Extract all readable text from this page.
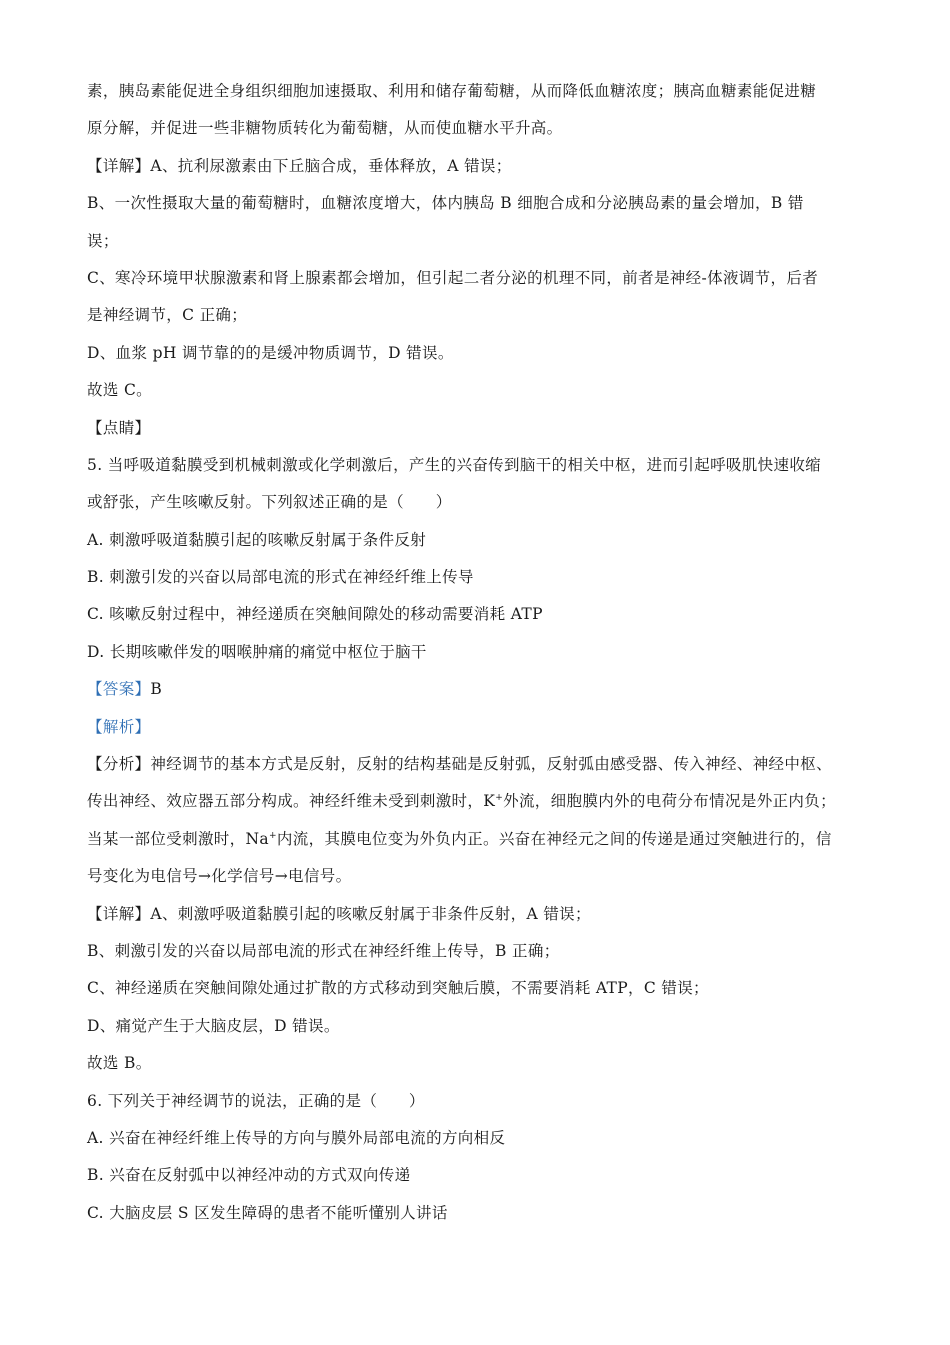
素，胰岛素能促进全身组织细胞加速摄取、利用和储存葡萄糖，从而降低血糖浓度；胰高血糖素能促进糖
原分解，并促进一些非糖物质转化为葡萄糖，从而使血糖水平升高。
【详解】A、抗利尿激素由下丘脑合成，垂体释放，A 错误；
B、一次性摄取大量的葡萄糖时，血糖浓度增大，体内胰岛 B 细胞合成和分泌胰岛素的量会增加，B 错
误；
C、寒冷环境甲状腺激素和肾上腺素都会增加，但引起二者分泌的机理不同，前者是神经-体液调节，后者
是神经调节，C 正确；
D、血浆 pH 调节靠的的是缓冲物质调节，D 错误。
故选 C。
【点睛】
5. 当呼吸道黏膜受到机械刺激或化学刺激后，产生的兴奋传到脑干的相关中枢，进而引起呼吸肌快速收缩
或舒张，产生咳嗽反射。下列叙述正确的是（　　）
A. 刺激呼吸道黏膜引起的咳嗽反射属于条件反射
B. 刺激引发的兴奋以局部电流的形式在神经纤维上传导
C. 咳嗽反射过程中，神经递质在突触间隙处的移动需要消耗 ATP
D. 长期咳嗽伴发的咽喉肿痛的痛觉中枢位于脑干
【答案】B
【解析】
【分析】神经调节的基本方式是反射，反射的结构基础是反射弧，反射弧由感受器、传入神经、神经中枢、
传出神经、效应器五部分构成。神经纤维未受到刺激时，K+外流，细胞膜内外的电荷分布情况是外正内负；
当某一部位受刺激时，Na+内流，其膜电位变为外负内正。兴奋在神经元之间的传递是通过突触进行的，信
号变化为电信号→化学信号→电信号。
【详解】A、刺激呼吸道黏膜引起的咳嗽反射属于非条件反射，A 错误；
B、刺激引发的兴奋以局部电流的形式在神经纤维上传导，B 正确；
C、神经递质在突触间隙处通过扩散的方式移动到突触后膜，不需要消耗 ATP，C 错误；
D、痛觉产生于大脑皮层，D 错误。
故选 B。
6. 下列关于神经调节的说法，正确的是（　　）
A. 兴奋在神经纤维上传导的方向与膜外局部电流的方向相反
B. 兴奋在反射弧中以神经冲动的方式双向传递
C. 大脑皮层 S 区发生障碍的患者不能听懂别人讲话
